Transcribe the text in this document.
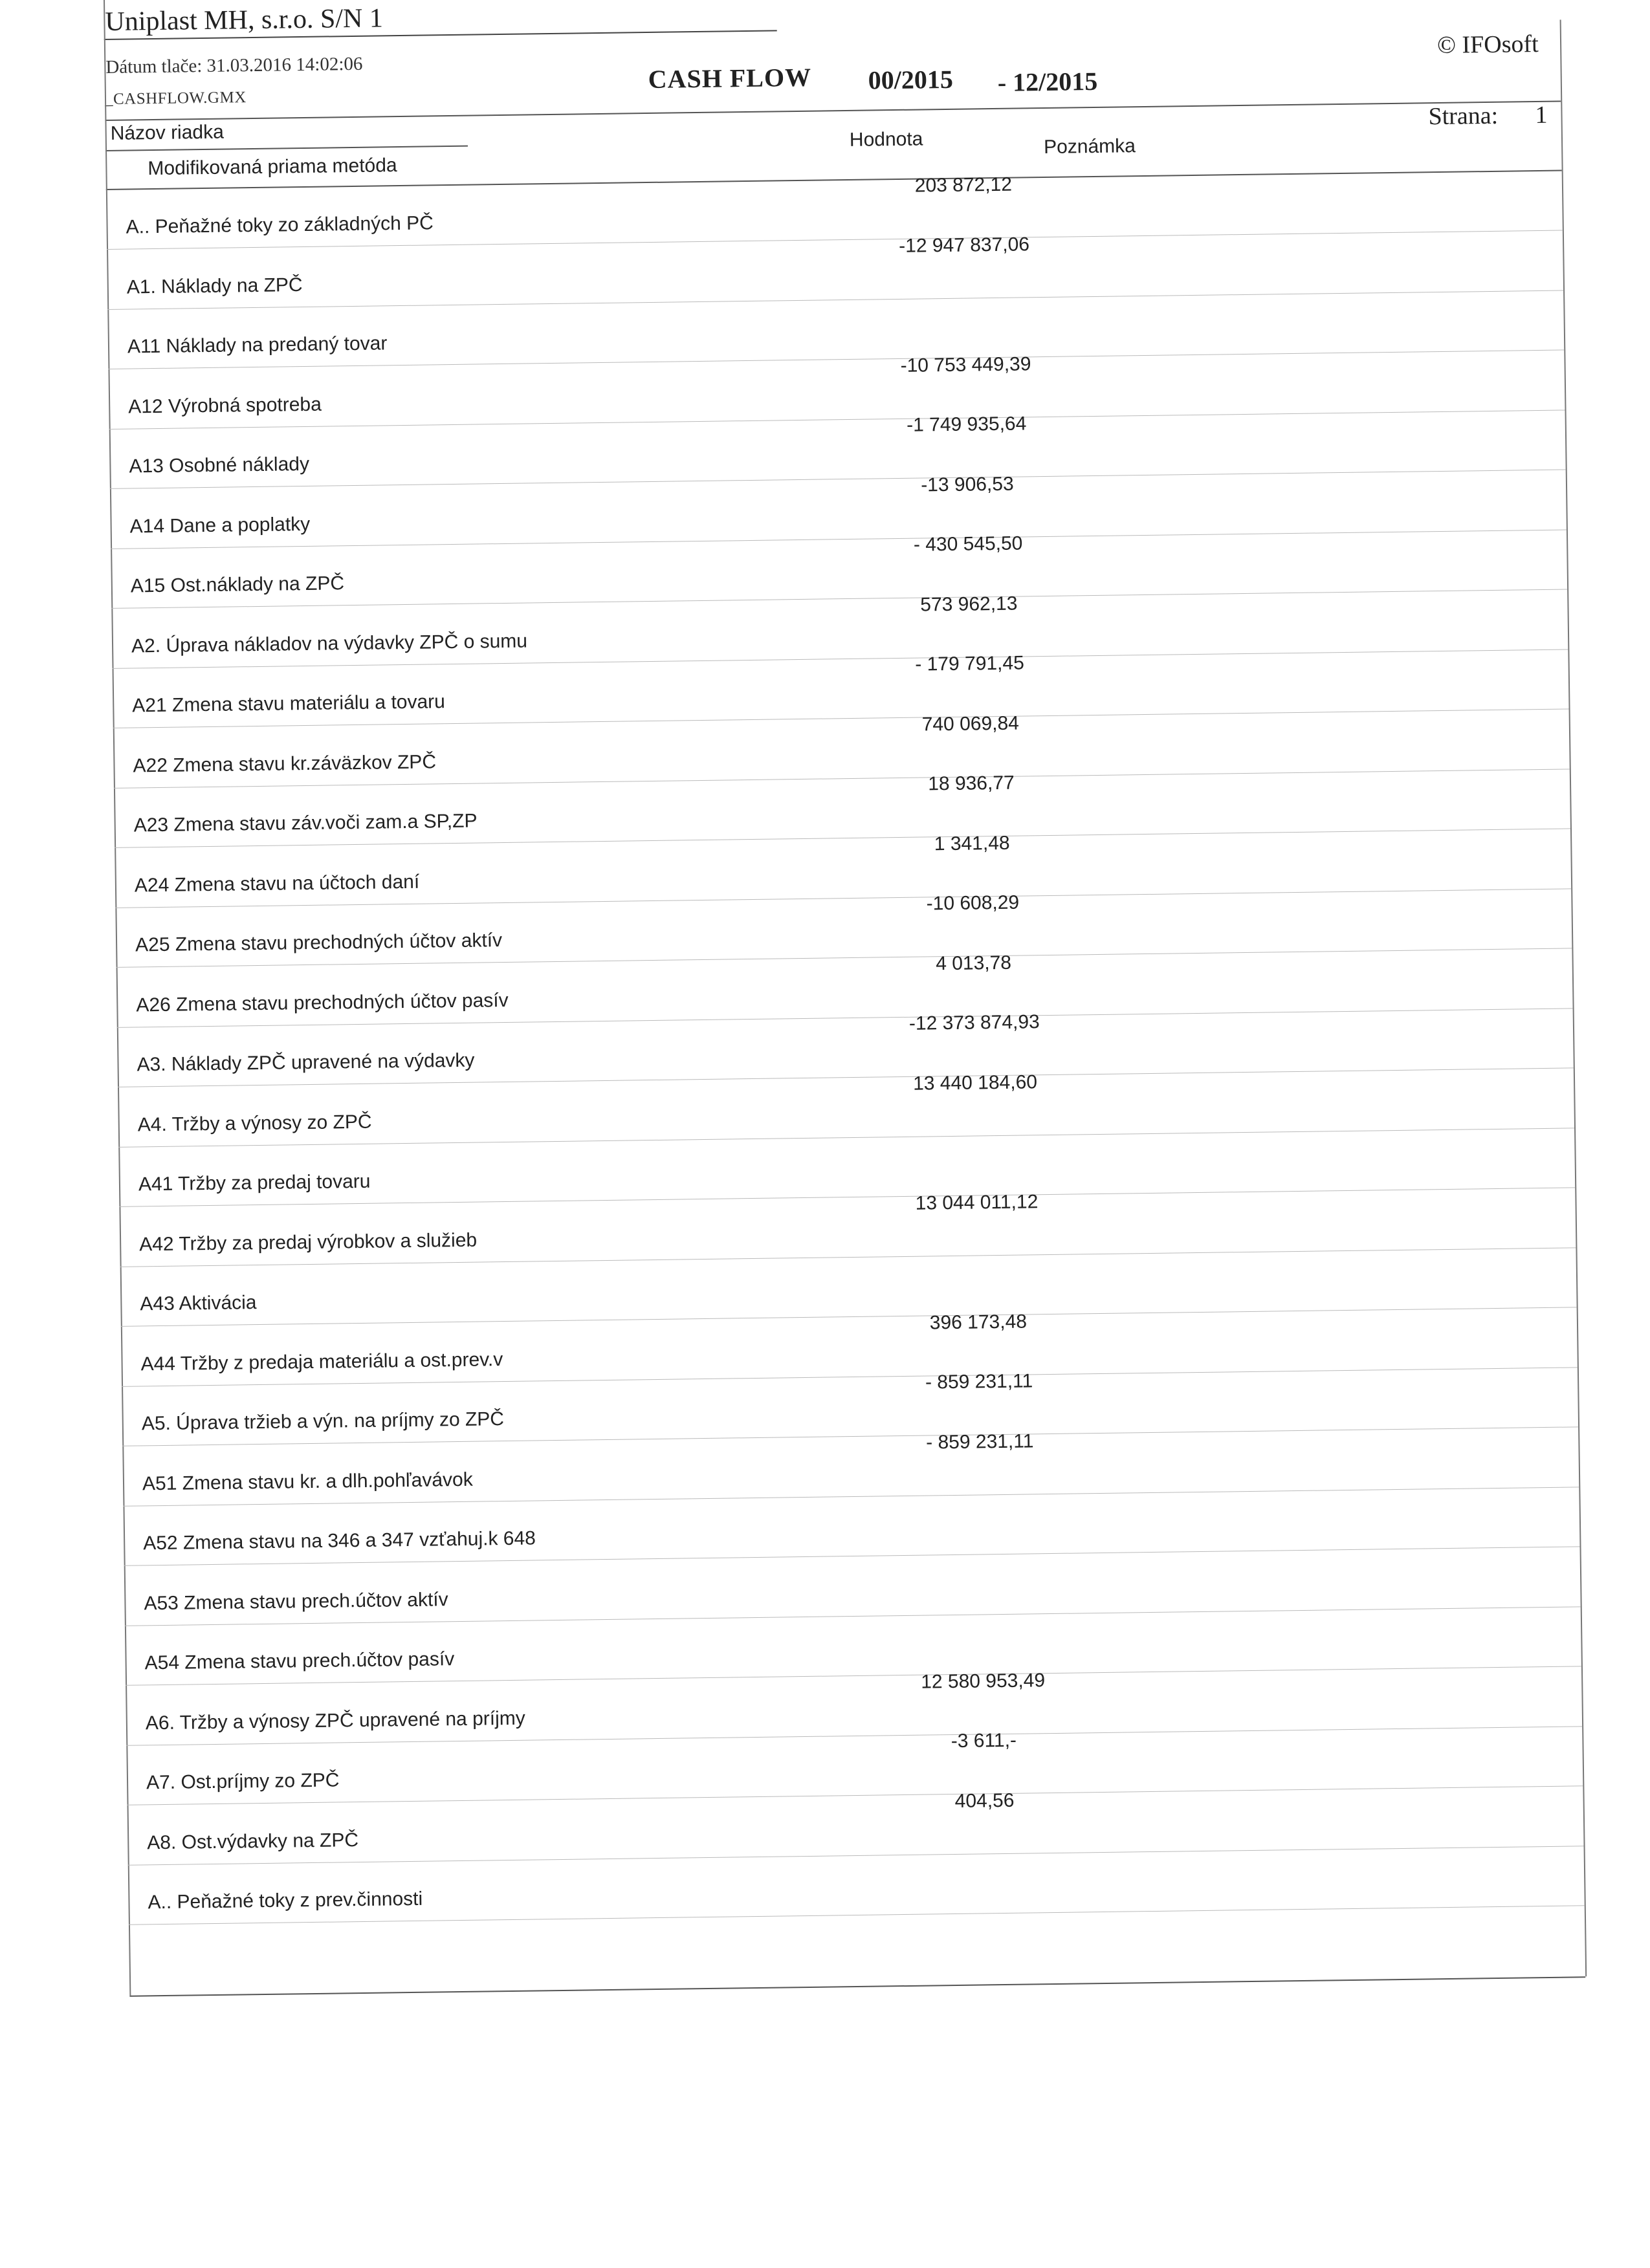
Uniplast MH, s.r.o. S/N 1
Dátum tlače: 31.03.2016 14:02:06
_CASHFLOW.GMX
CASH FLOW 00/2015 - 12/2015
© IFOsoft
Strana: 1
Názov riadka	Hodnota	Poznámka
Modifikovaná priama metóda
A.. Peňažné toky zo základných PČ
203 872,12
A1. Náklady na ZPČ
-12 947 837,06
A11 Náklady na predaný tovar
A12 Výrobná spotreba
-10 753 449,39
A13 Osobné náklady
-1 749 935,64
A14 Dane a poplatky
-13 906,53
A15 Ost.náklady na ZPČ
- 430 545,50
A2. Úprava nákladov na výdavky ZPČ o sumu
573 962,13
A21 Zmena stavu materiálu a tovaru
- 179 791,45
A22 Zmena stavu kr.záväzkov ZPČ
740 069,84
A23 Zmena stavu záv.voči zam.a SP,ZP
18 936,77
A24 Zmena stavu na účtoch daní
1 341,48
A25 Zmena stavu prechodných účtov aktív
-10 608,29
A26 Zmena stavu prechodných účtov pasív
4 013,78
A3. Náklady ZPČ upravené na výdavky
-12 373 874,93
A4. Tržby a výnosy zo ZPČ
13 440 184,60
A41 Tržby za predaj tovaru
A42 Tržby za predaj výrobkov a služieb
13 044 011,12
A43 Aktivácia
A44 Tržby z predaja materiálu a ost.prev.v
396 173,48
A5. Úprava tržieb a výn. na príjmy zo ZPČ
- 859 231,11
A51 Zmena stavu kr. a dlh.pohľavávok
- 859 231,11
A52 Zmena stavu na 346 a 347 vzťahuj.k 648
A53 Zmena stavu prech.účtov aktív
A54 Zmena stavu prech.účtov pasív
A6. Tržby a výnosy ZPČ upravené na príjmy
12 580 953,49
A7. Ost.príjmy zo ZPČ
-3 611,-
A8. Ost.výdavky na ZPČ
404,56
A.. Peňažné toky z prev.činnosti
